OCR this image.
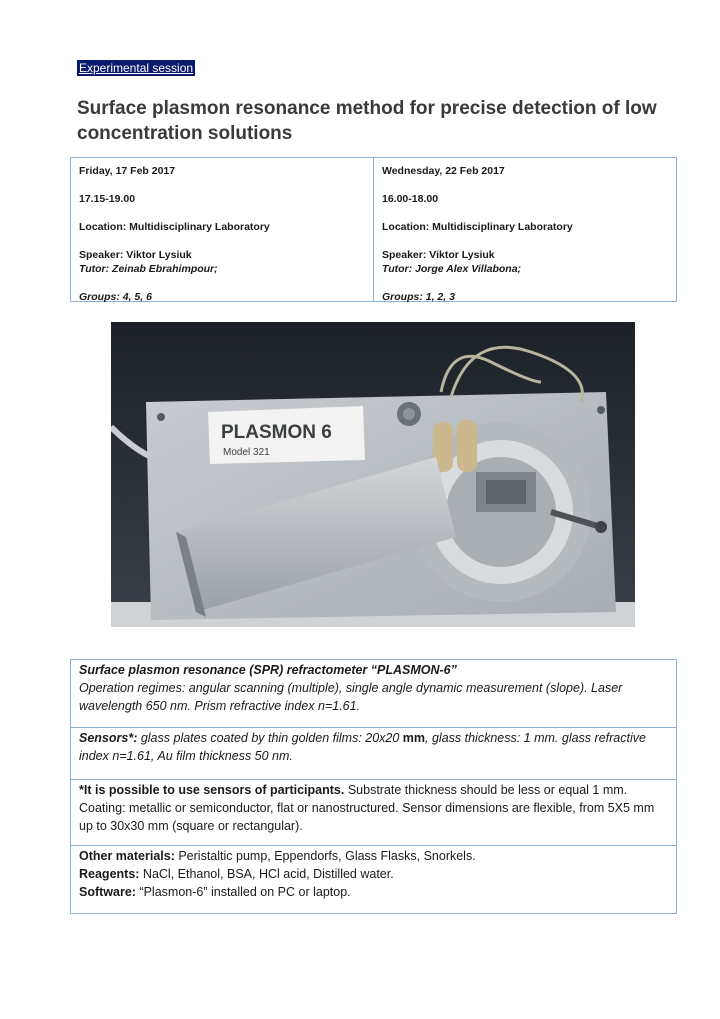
Experimental session
Surface plasmon resonance method for precise detection of low concentration solutions

Friday, 17 Feb 2017

17.15-19.00

Location: Multidisciplinary Laboratory

Speaker: Viktor Lysiuk

Tutor: Zeinab Ebrahimpour;

Groups: 4, 5, 6

Wednesday, 22 Feb 2017

16.00-18.00

Location: Multidisciplinary Laboratory

Speaker: Viktor Lysiuk

Tutor: Jorge Alex Villabona;

Groups: 1, 2, 3

PLASMON 6
Model 321

Surface plasmon resonance (SPR) refractometer “PLASMON-6”

Operation regimes: angular scanning (multiple), single angle dynamic measurement (slope). Laser wavelength 650 nm. Prism refractive index n=1.61.

Sensors*: glass plates coated by thin golden films: 20x20 mm, glass thickness: 1 mm. glass refractive index n=1.61, Au film thickness 50 nm.

*It is possible to use sensors of participants. Substrate thickness should be less or equal 1 mm. Coating: metallic or semiconductor, flat or nanostructured. Sensor dimensions are flexible, from 5X5 mm up to 30x30 mm (square or rectangular).

Other materials: Peristaltic pump, Eppendorfs, Glass Flasks, Snorkels.

Reagents: NaCl, Ethanol, BSA, HCl acid, Distilled water.

Software: “Plasmon-6” installed on PC or laptop.
